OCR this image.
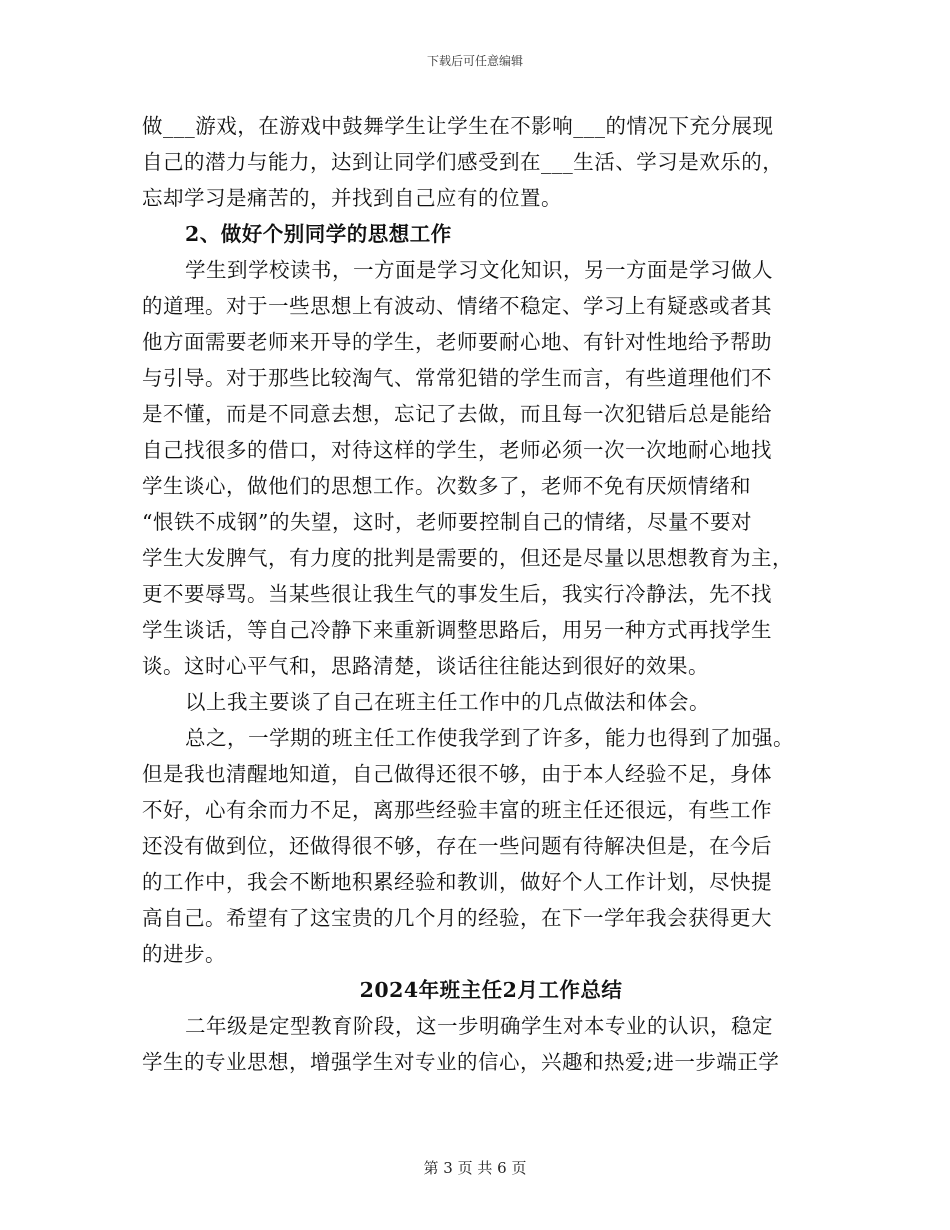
下载后可任意编辑
做___游戏，在游戏中鼓舞学生让学生在不影响___的情况下充分展现
自己的潜力与能力，达到让同学们感受到在___生活、学习是欢乐的，
忘却学习是痛苦的，并找到自己应有的位置。
2、做好个别同学的思想工作
学生到学校读书，一方面是学习文化知识，另一方面是学习做人
的道理。对于一些思想上有波动、情绪不稳定、学习上有疑惑或者其
他方面需要老师来开导的学生，老师要耐心地、有针对性地给予帮助
与引导。对于那些比较淘气、常常犯错的学生而言，有些道理他们不
是不懂，而是不同意去想，忘记了去做，而且每一次犯错后总是能给
自己找很多的借口，对待这样的学生，老师必须一次一次地耐心地找
学生谈心，做他们的思想工作。次数多了，老师不免有厌烦情绪和
“恨铁不成钢”的失望，这时，老师要控制自己的情绪，尽量不要对
学生大发脾气，有力度的批判是需要的，但还是尽量以思想教育为主，
更不要辱骂。当某些很让我生气的事发生后，我实行冷静法，先不找
学生谈话，等自己冷静下来重新调整思路后，用另一种方式再找学生
谈。这时心平气和，思路清楚，谈话往往能达到很好的效果。
以上我主要谈了自己在班主任工作中的几点做法和体会。
总之，一学期的班主任工作使我学到了许多，能力也得到了加强。
但是我也清醒地知道，自己做得还很不够，由于本人经验不足，身体
不好，心有余而力不足，离那些经验丰富的班主任还很远，有些工作
还没有做到位，还做得很不够，存在一些问题有待解决但是，在今后
的工作中，我会不断地积累经验和教训，做好个人工作计划，尽快提
高自己。希望有了这宝贵的几个月的经验，在下一学年我会获得更大
的进步。
2024年班主任2月工作总结
二年级是定型教育阶段，这一步明确学生对本专业的认识，稳定
学生的专业思想，增强学生对专业的信心，兴趣和热爱;进一步端正学
第 3 页 共 6 页
